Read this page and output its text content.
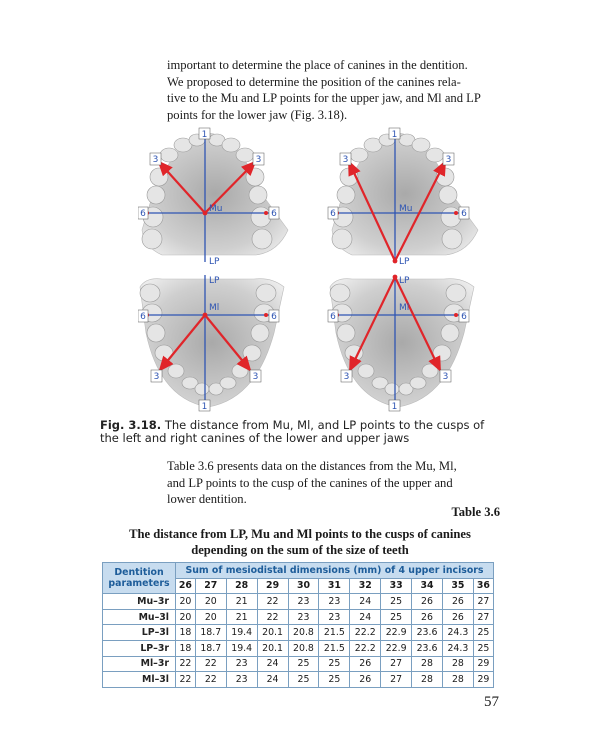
important to determine the place of canines in the dentition.
We proposed to determine the position of the canines rela-
tive to the Mu and LP points for the upper jaw, and Ml and LP
points for the lower jaw (Fig. 3.18).
1
3	3
6	6
Mu
LP
1
3	3
6	6
Mu
LP
LP
Ml
6	6
3	3
1
LP
Ml
6	6
3	3
1
Fig. 3.18. The distance from Mu, Ml, and LP points to the cusps of the left and right canines of the lower and upper jaws
Table 3.6 presents data on the distances from the Mu, Ml,
and LP points to the cusp of the canines of the upper and
lower dentition.
Table 3.6
The distance from LP, Mu and Ml points to the cusps of canines
depending on the sum of the size of teeth
Dentition parameters	Sum of mesiodistal dimensions (mm) of 4 upper incisors										
	26	27	28	29	30	31	32	33	34	35	36
Mu–3r	20	20	21	22	23	23	24	25	26	26	27
Mu–3l	20	20	21	22	23	23	24	25	26	26	27
LP–3l	18	18.7	19.4	20.1	20.8	21.5	22.2	22.9	23.6	24.3	25
LP–3r	18	18.7	19.4	20.1	20.8	21.5	22.2	22.9	23.6	24.3	25
Ml–3r	22	22	23	24	25	25	26	27	28	28	29
Ml–3l	22	22	23	24	25	25	26	27	28	28	29
57
